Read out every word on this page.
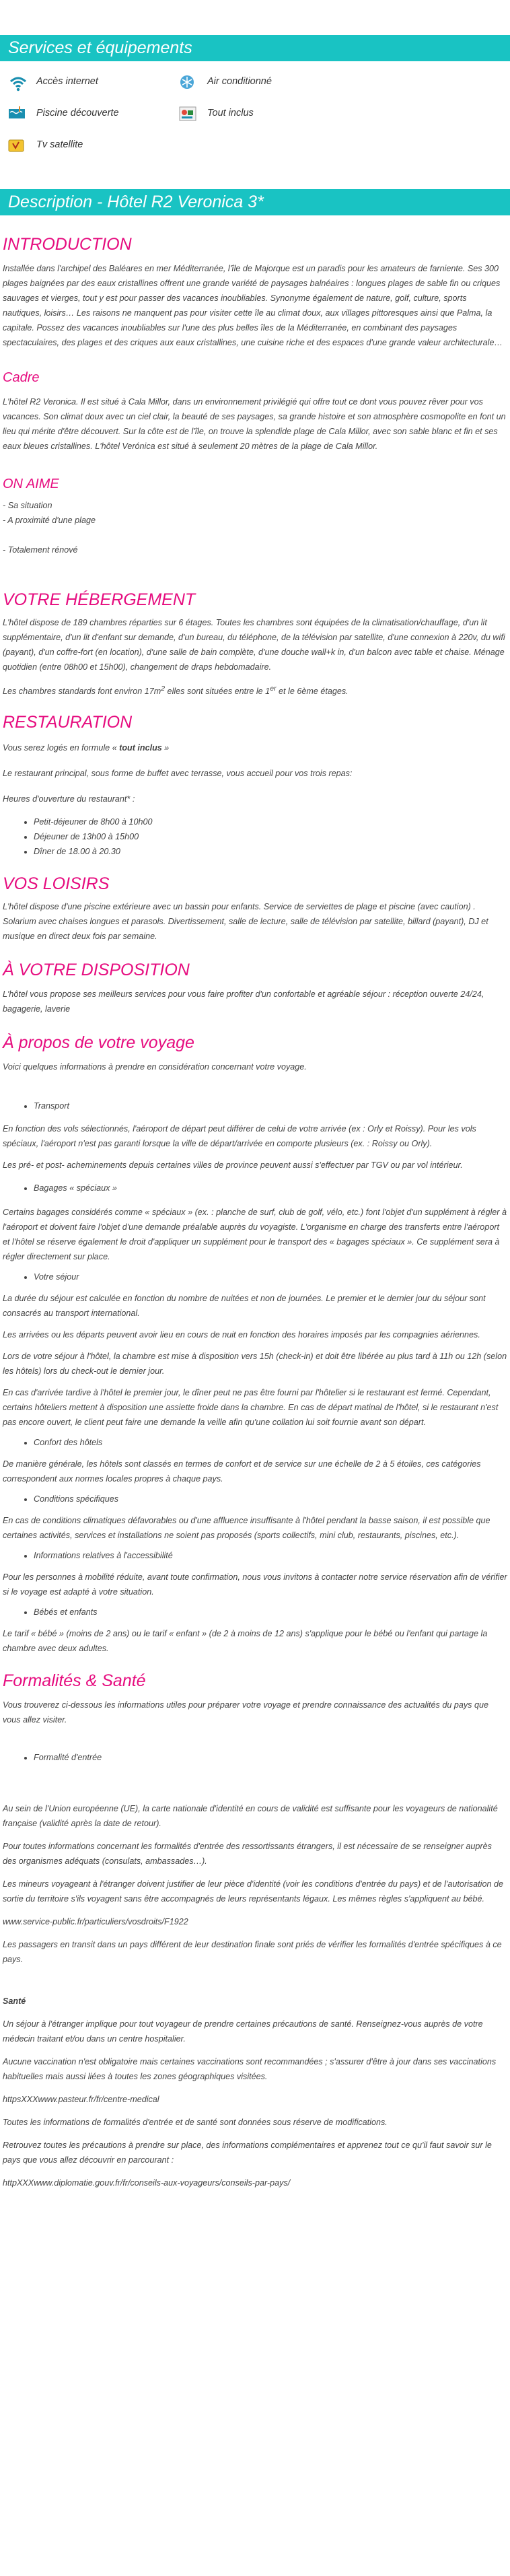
Services et équipements
Accès internet	Air conditionné
Piscine découverte	Tout inclus
Tv satellite
Description - Hôtel R2 Veronica 3*
INTRODUCTION

Installée dans l'archipel des Baléares en mer Méditerranée, l'île de Majorque est un paradis pour les amateurs de farniente. Ses 300 plages baignées par des eaux cristallines offrent une grande variété de paysages balnéaires : longues plages de sable fin ou criques sauvages et vierges, tout y est pour passer des vacances inoubliables. Synonyme également de nature, golf, culture, sports nautiques, loisirs… Les raisons ne manquent pas pour visiter cette île au climat doux, aux villages pittoresques ainsi que Palma, la capitale. Possez des vacances inoubliables sur l'une des plus belles îles de la Méditerranée, en combinant des paysages spectaculaires, des plages et des criques aux eaux cristallines, une cuisine riche et des espaces d'une grande valeur architecturale…

Cadre

L'hôtel R2 Veronica. Il est situé à Cala Millor, dans un environnement privilégié qui offre tout ce dont vous pouvez rêver pour vos vacances. Son climat doux avec un ciel clair, la beauté de ses paysages, sa grande histoire et son atmosphère cosmopolite en font un lieu qui mérite d'être découvert. Sur la côte est de l'île, on trouve la splendide plage de Cala Millor, avec son sable blanc et fin et ses eaux bleues cristallines. L'hôtel Verónica est situé à seulement 20 mètres de la plage de Cala Millor.

ON AIME

- Sa situation

- A proximité d'une plage

- Totalement rénové

VOTRE HÉBERGEMENT

L'hôtel dispose de 189 chambres réparties sur 6 étages. Toutes les chambres sont équipées de la climatisation/chauffage, d'un lit supplémentaire, d'un lit d'enfant sur demande, d'un bureau, du téléphone, de la télévision par satellite, d'une connexion à 220v, du wifi (payant), d'un coffre-fort (en location), d'une salle de bain complète, d'une douche wall+k in, d'un balcon avec table et chaise. Ménage quotidien (entre 08h00 et 15h00), changement de draps hebdomadaire.

Les chambres standards font environ $17m^2$ elles sont situées entre le 1er et le 6ème étages.

RESTAURATION

Vous serez logés en formule « tout inclus »

Le restaurant principal, sous forme de buffet avec terrasse, vous accueil pour vos trois repas:

Heures d'ouverture du restaurant* :

• Petit-déjeuner de 8h00 à 10h00
• Déjeuner de 13h00 à 15h00
• Dîner de 18.00 à 20.30
VOS LOISIRS

L'hôtel dispose d'une piscine extérieure avec un bassin pour enfants. Service de serviettes de plage et piscine (avec caution) . Solarium avec chaises longues et parasols. Divertissement, salle de lecture, salle de télévision par satellite, billard (payant), DJ et musique en direct deux fois par semaine.

À VOTRE DISPOSITION

L'hôtel vous propose ses meilleurs services pour vous faire profiter d'un confortable et agréable séjour : réception ouverte 24/24, bagagerie, laverie

À propos de votre voyage

Voici quelques informations à prendre en considération concernant votre voyage.

• Transport

En fonction des vols sélectionnés, l'aéroport de départ peut différer de celui de votre arrivée (ex : Orly et Roissy). Pour les vols spéciaux, l'aéroport n'est pas garanti lorsque la ville de départ/arrivée en comporte plusieurs (ex. : Roissy ou Orly).

Les pré- et post- acheminements depuis certaines villes de province peuvent aussi s'effectuer par TGV ou par vol intérieur.

• Bagages « spéciaux »

Certains bagages considérés comme « spéciaux » (ex. : planche de surf, club de golf, vélo, etc.) font l'objet d'un supplément à régler à l'aéroport et doivent faire l'objet d'une demande préalable auprès du voyagiste. L'organisme en charge des transferts entre l'aéroport et l'hôtel se réserve également le droit d'appliquer un supplément pour le transport des « bagages spéciaux ». Ce supplément sera à régler directement sur place.

• Votre séjour

La durée du séjour est calculée en fonction du nombre de nuitées et non de journées. Le premier et le dernier jour du séjour sont consacrés au transport international.

Les arrivées ou les départs peuvent avoir lieu en cours de nuit en fonction des horaires imposés par les compagnies aériennes.

Lors de votre séjour à l'hôtel, la chambre est mise à disposition vers 15h (check-in) et doit être libérée au plus tard à 11h ou 12h (selon les hôtels) lors du check-out le dernier jour.

En cas d'arrivée tardive à l'hôtel le premier jour, le dîner peut ne pas être fourni par l'hôtelier si le restaurant est fermé. Cependant, certains hôteliers mettent à disposition une assiette froide dans la chambre. En cas de départ matinal de l'hôtel, si le restaurant n'est pas encore ouvert, le client peut faire une demande la veille afin qu'une collation lui soit fournie avant son départ.

• Confort des hôtels

De manière générale, les hôtels sont classés en termes de confort et de service sur une échelle de 2 à 5 étoiles, ces catégories correspondent aux normes locales propres à chaque pays.

• Conditions spécifiques

En cas de conditions climatiques défavorables ou d'une affluence insuffisante à l'hôtel pendant la basse saison, il est possible que certaines activités, services et installations ne soient pas proposés (sports collectifs, mini club, restaurants, piscines, etc.).

• Informations relatives à l'accessibilité

Pour les personnes à mobilité réduite, avant toute confirmation, nous vous invitons à contacter notre service réservation afin de vérifier si le voyage est adapté à votre situation.

• Bébés et enfants

Le tarif « bébé » (moins de 2 ans) ou le tarif « enfant » (de 2 à moins de 12 ans) s'applique pour le bébé ou l'enfant qui partage la chambre avec deux adultes.

Formalités & Santé

Vous trouverez ci-dessous les informations utiles pour préparer votre voyage et prendre connaissance des actualités du pays que vous allez visiter.

• Formalité d'entrée

Au sein de l'Union européenne (UE), la carte nationale d'identité en cours de validité est suffisante pour les voyageurs de nationalité française (validité après la date de retour).

Pour toutes informations concernant les formalités d'entrée des ressortissants étrangers, il est nécessaire de se renseigner auprès des organismes adéquats (consulats, ambassades…).

Les mineurs voyageant à l'étranger doivent justifier de leur pièce d'identité (voir les conditions d'entrée du pays) et de l'autorisation de sortie du territoire s'ils voyagent sans être accompagnés de leurs représentants légaux. Les mêmes règles s'appliquent au bébé.

www.service-public.fr/particuliers/vosdroits/F1922

Les passagers en transit dans un pays différent de leur destination finale sont priés de vérifier les formalités d'entrée spécifiques à ce pays.

Santé

Un séjour à l'étranger implique pour tout voyageur de prendre certaines précautions de santé. Renseignez-vous auprès de votre médecin traitant et/ou dans un centre hospitalier.

Aucune vaccination n'est obligatoire mais certaines vaccinations sont recommandées ; s'assurer d'être à jour dans ses vaccinations habituelles mais aussi liées à toutes les zones géographiques visitées.

httpsXXXwww.pasteur.fr/fr/centre-medical

Toutes les informations de formalités d'entrée et de santé sont données sous réserve de modifications.

Retrouvez toutes les précautions à prendre sur place, des informations complémentaires et apprenez tout ce qu'il faut savoir sur le pays que vous allez découvrir en parcourant :

httpXXXwww.diplomatie.gouv.fr/fr/conseils-aux-voyageurs/conseils-par-pays/
